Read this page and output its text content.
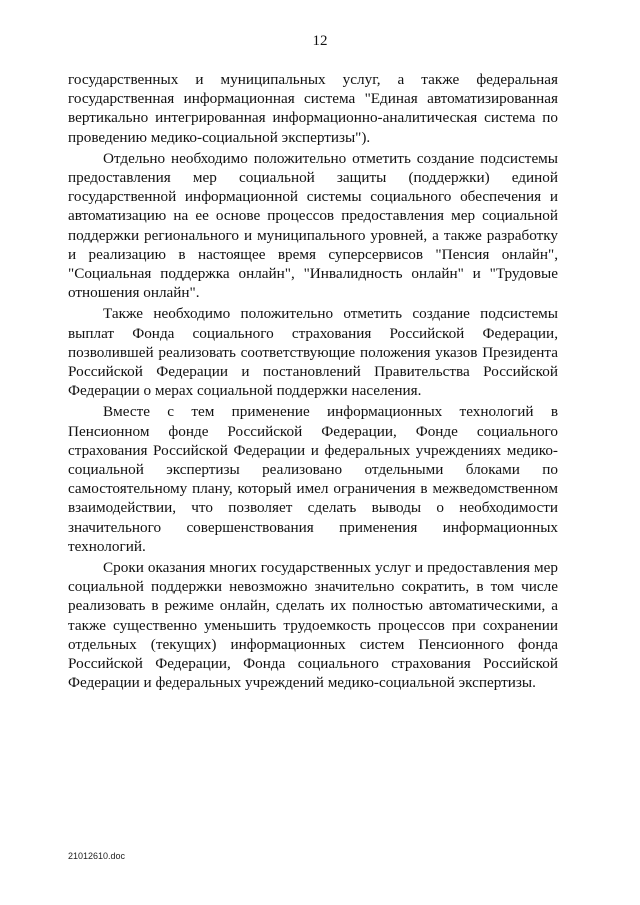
12

государственных и муниципальных услуг, а также федеральная государственная информационная система "Единая автоматизированная вертикально интегрированная информационно-аналитическая система по проведению медико-социальной экспертизы").

Отдельно необходимо положительно отметить создание подсистемы предоставления мер социальной защиты (поддержки) единой государственной информационной системы социального обеспечения и автоматизацию на ее основе процессов предоставления мер социальной поддержки регионального и муниципального уровней, а также разработку и реализацию в настоящее время суперсервисов "Пенсия онлайн", "Социальная поддержка онлайн", "Инвалидность онлайн" и "Трудовые отношения онлайн".

Также необходимо положительно отметить создание подсистемы выплат Фонда социального страхования Российской Федерации, позволившей реализовать соответствующие положения указов Президента Российской Федерации и постановлений Правительства Российской Федерации о мерах социальной поддержки населения.

Вместе с тем применение информационных технологий в Пенсионном фонде Российской Федерации, Фонде социального страхования Российской Федерации и федеральных учреждениях медико-социальной экспертизы реализовано отдельными блоками по самостоятельному плану, который имел ограничения в межведомственном взаимодействии, что позволяет сделать выводы о необходимости значительного совершенствования применения информационных технологий.

Сроки оказания многих государственных услуг и предоставления мер социальной поддержки невозможно значительно сократить, в том числе реализовать в режиме онлайн, сделать их полностью автоматическими, а также существенно уменьшить трудоемкость процессов при сохранении отдельных (текущих) информационных систем Пенсионного фонда Российской Федерации, Фонда социального страхования Российской Федерации и федеральных учреждений медико-социальной экспертизы.

21012610.doc
